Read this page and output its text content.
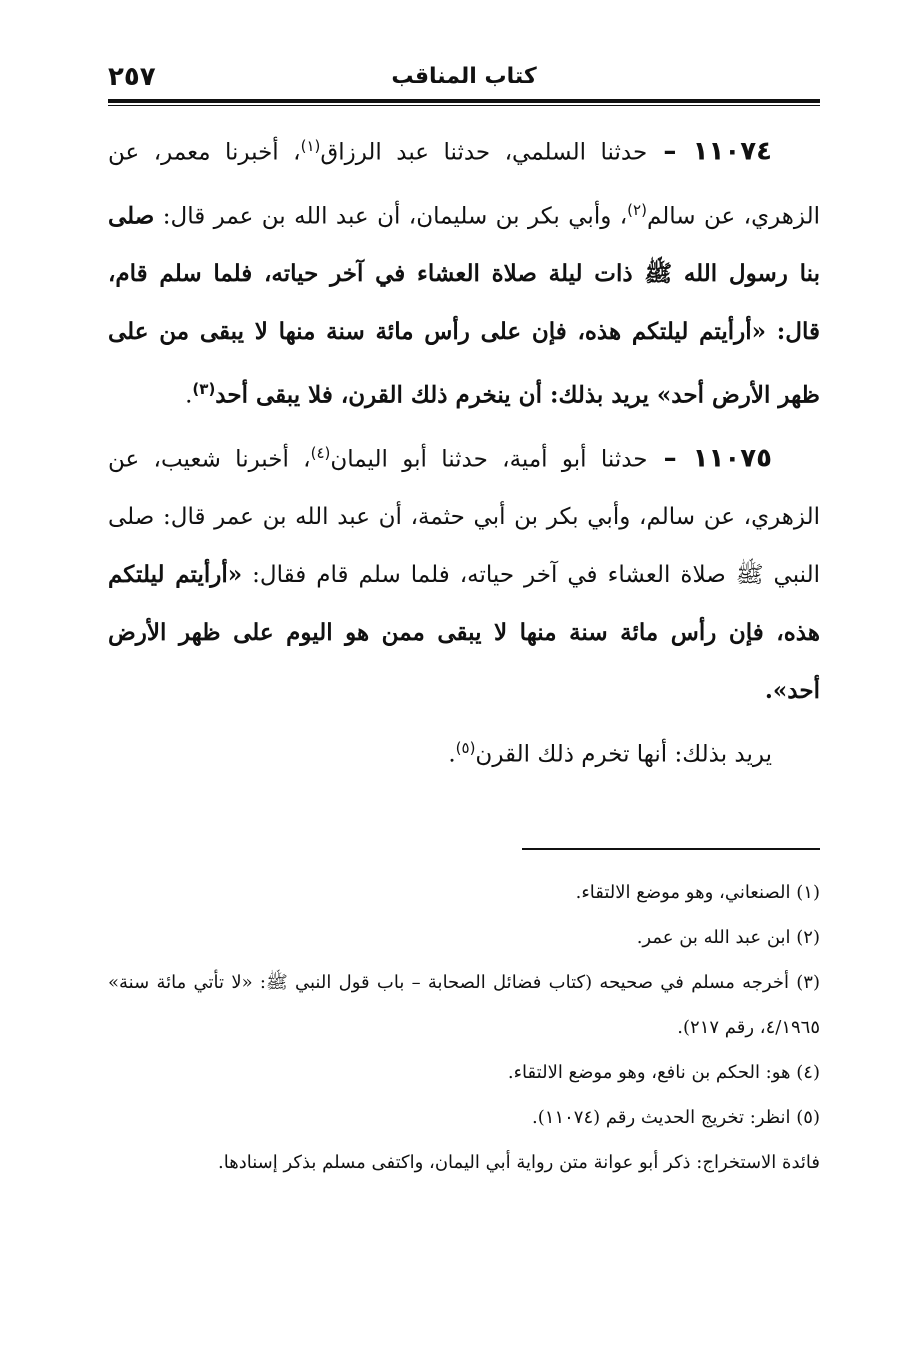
كتاب المناقب
٢٥٧

١١٠٧٤ – حدثنا السلمي، حدثنا عبد الرزاق$^{(١)}$، أخبرنا معمر، عن الزهري، عن سالم$^{(٢)}$، وأبي بكر بن سليمان، أن عبد الله بن عمر قال: صلى بنا رسول الله ﷺ ذات ليلة صلاة العشاء في آخر حياته، فلما سلم قام، قال: «أرأيتم ليلتكم هذه، فإن على رأس مائة سنة منها لا يبقى من على ظهر الأرض أحد» يريد بذلك: أن ينخرم ذلك القرن، فلا يبقى أحد$^{(٣)}$.

١١٠٧٥ – حدثنا أبو أمية، حدثنا أبو اليمان$^{(٤)}$، أخبرنا شعيب، عن الزهري، عن سالم، وأبي بكر بن أبي حثمة، أن عبد الله بن عمر قال: صلى النبي ﷺ صلاة العشاء في آخر حياته، فلما سلم قام فقال: «أرأيتم ليلتكم هذه، فإن رأس مائة سنة منها لا يبقى ممن هو اليوم على ظهر الأرض أحد».

يريد بذلك: أنها تخرم ذلك القرن$^{(٥)}$.

(١) الصنعاني، وهو موضع الالتقاء.

(٢) ابن عبد الله بن عمر.

(٣) أخرجه مسلم في صحيحه (كتاب فضائل الصحابة – باب قول النبي ﷺ: «لا تأتي مائة سنة» ٤/١٩٦٥، رقم ٢١٧).

(٤) هو: الحكم بن نافع، وهو موضع الالتقاء.

(٥) انظر: تخريج الحديث رقم (١١٠٧٤).

فائدة الاستخراج: ذكر أبو عوانة متن رواية أبي اليمان، واكتفى مسلم بذكر إسنادها.
